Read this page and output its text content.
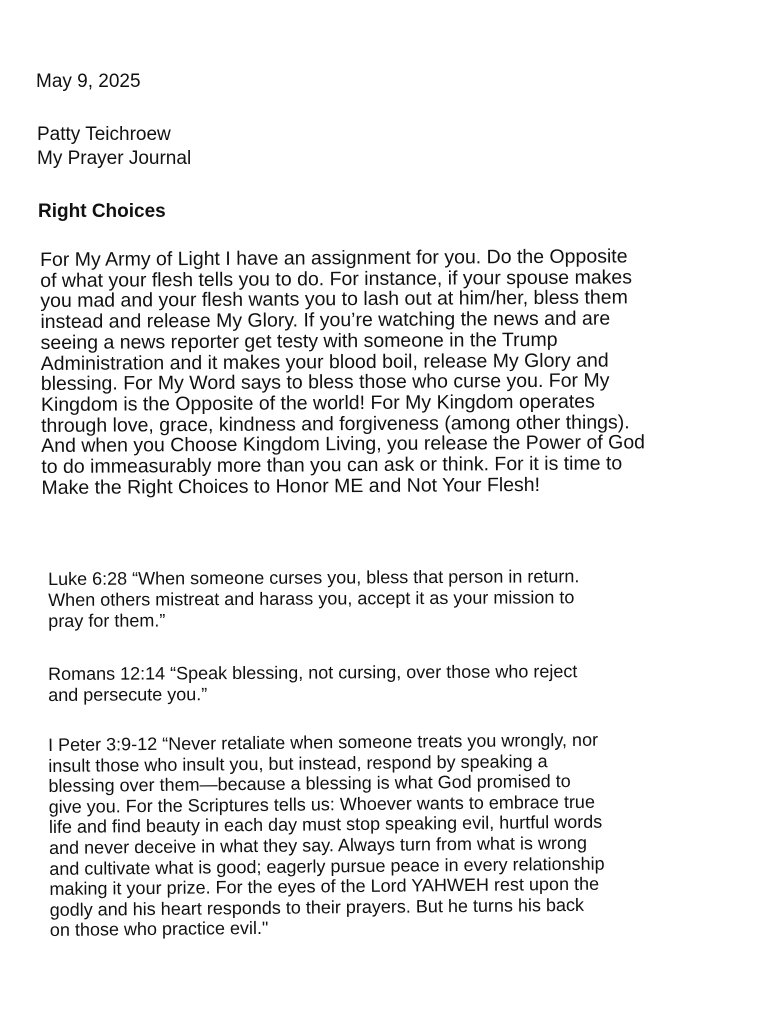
May 9, 2025
Patty Teichroew
My Prayer Journal
Right Choices

For My Army of Light I have an assignment for you. Do the Opposite
of what your flesh tells you to do. For instance, if your spouse makes
you mad and your flesh wants you to lash out at him/her, bless them
instead and release My Glory. If you’re watching the news and are
seeing a news reporter get testy with someone in the Trump
Administration and it makes your blood boil, release My Glory and
blessing. For My Word says to bless those who curse you. For My
Kingdom is the Opposite of the world! For My Kingdom operates
through love, grace, kindness and forgiveness (among other things).
And when you Choose Kingdom Living, you release the Power of God
to do immeasurably more than you can ask or think. For it is time to
Make the Right Choices to Honor ME and Not Your Flesh!

Luke 6:28 “When someone curses you, bless that person in return.
When others mistreat and harass you, accept it as your mission to
pray for them.”

Romans 12:14 “Speak blessing, not cursing, over those who reject
and persecute you.”

I Peter 3:9-12 “Never retaliate when someone treats you wrongly, nor
insult those who insult you, but instead, respond by speaking a
blessing over them—because a blessing is what God promised to
give you. For the Scriptures tells us: Whoever wants to embrace true
life and find beauty in each day must stop speaking evil, hurtful words
and never deceive in what they say. Always turn from what is wrong
and cultivate what is good; eagerly pursue peace in every relationship
making it your prize. For the eyes of the Lord YAHWEH rest upon the
godly and his heart responds to their prayers. But he turns his back
on those who practice evil."
